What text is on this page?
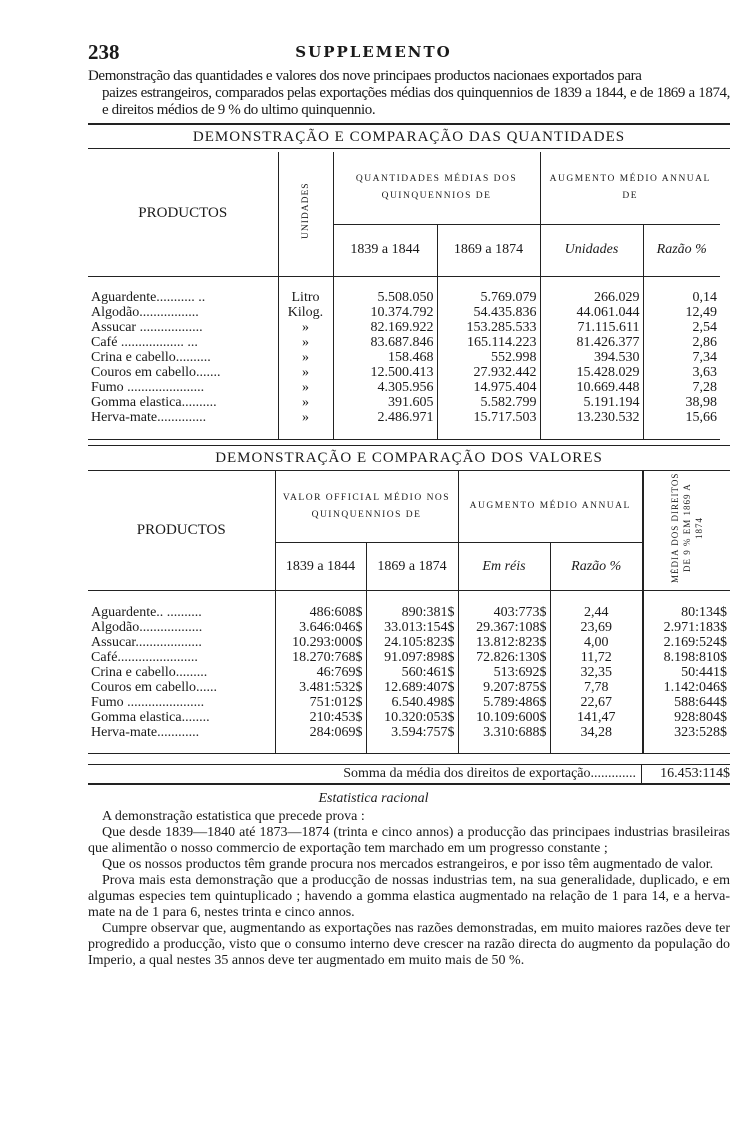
238	SUPPLEMENTO
Demonstração das quantidades e valores dos nove principaes productos nacionaes exportados para
paizes estrangeiros, comparados pelas exportações médias dos quinquennios de 1839 a 1844, e de 1869 a 1874, e direitos médios de 9 % do ultimo quinquennio.
DEMONSTRAÇÃO E COMPARAÇÃO DAS QUANTIDADES
PRODUCTOS	UNIDADES	QUANTIDADES MÉDIAS DOS QUINQUENNIOS DE		AUGMENTO MÉDIO ANNUAL DE	
		1839 a 1844	1869 a 1874	Unidades	Razão %

Aguardente........... ..	Litro	5.508.050	5.769.079	266.029	0,14
Algodão.................	Kilog.	10.374.792	54.435.836	44.061.044	12,49
Assucar ..................	»	82.169.922	153.285.533	71.115.611	2,54
Café .................. ...	»	83.687.846	165.114.223	81.426.377	2,86
Crina e cabello..........	»	158.468	552.998	394.530	7,34
Couros em cabello.......	»	12.500.413	27.932.442	15.428.029	3,63
Fumo ......................	»	4.305.956	14.975.404	10.669.448	7,28
Gomma elastica..........	»	391.605	5.582.799	5.191.194	38,98
Herva-mate..............	»	2.486.971	15.717.503	13.230.532	15,66

DEMONSTRAÇÃO E COMPARAÇÃO DOS VALORES
PRODUCTOS	VALOR OFFICIAL MÉDIO NOS QUINQUENNIOS DE		AUGMENTO MÉDIO ANNUAL		MÉDIA DOS DIREITOS DE 9 % EM 1869 A 1874
	1839 a 1844	1869 a 1874	Em réis	Razão %	

Aguardente.. ..........	486:608$	890:381$	403:773$	2,44	80:134$
Algodão..................	3.646:046$	33.013:154$	29.367:108$	23,69	2.971:183$
Assucar...................	10.293:000$	24.105:823$	13.812:823$	4,00	2.169:524$
Café.......................	18.270:768$	91.097:898$	72.826:130$	11,72	8.198:810$
Crina e cabello.........	46:769$	560:461$	513:692$	32,35	50:441$
Couros em cabello......	3.481:532$	12.689:407$	9.207:875$	7,78	1.142:046$
Fumo ......................	751:012$	6.540.498$	5.789:486$	22,67	588:644$
Gomma elastica........	210:453$	10.320:053$	10.109:600$	141,47	928:804$
Herva-mate............	284:069$	3.594:757$	3.310:688$	34,28	323:528$

Somma da média dos direitos de exportação.............	16.453:114$
Estatistica racional

A demonstração estatistica que precede prova :

Que desde 1839—1840 até 1873—1874 (trinta e cinco annos) a producção das principaes industrias brasileiras que alimentão o nosso commercio de exportação tem marchado em um progresso constante ;

Que os nossos productos têm grande procura nos mercados estrangeiros, e por isso têm augmentado de valor.

Prova mais esta demonstração que a producção de nossas industrias tem, na sua generalidade, duplicado, e em algumas especies tem quintuplicado ; havendo a gomma elastica augmentado na relação de 1 para 14, e a herva-mate na de 1 para 6, nestes trinta e cinco annos.

Cumpre observar que, augmentando as exportações nas razões demonstradas, em muito maiores razões deve ter progredido a producção, visto que o consumo interno deve crescer na razão directa do augmento da população do Imperio, a qual nestes 35 annos deve ter augmentado em muito mais de 50 %.
